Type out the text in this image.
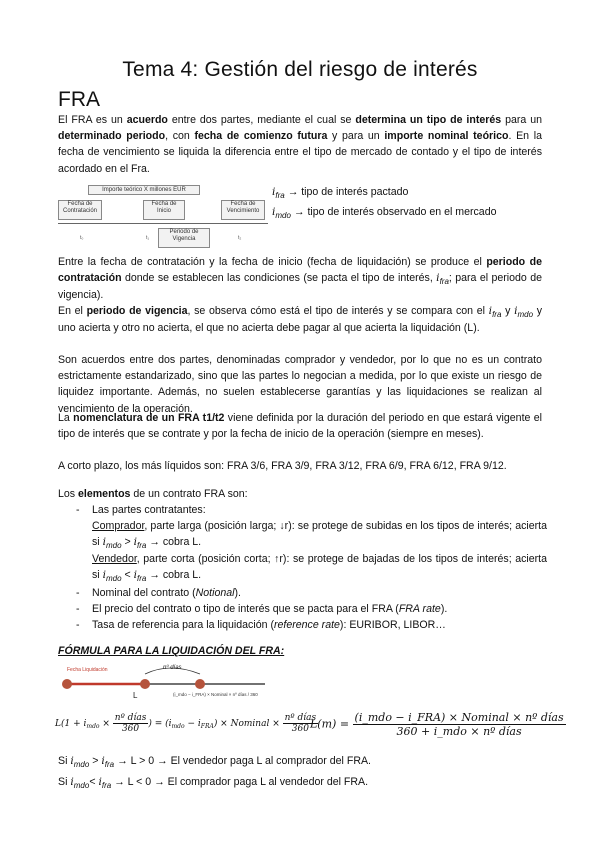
Tema 4: Gestión del riesgo de interés
FRA
El FRA es un acuerdo entre dos partes, mediante el cual se determina un tipo de interés para un determinado periodo, con fecha de comienzo futura y para un importe nominal teórico. En la fecha de vencimiento se liquida la diferencia entre el tipo de mercado de contado y el tipo de interés acordado en el Fra.
Importe teórico X millones EUR
Fecha de Contratación
Fecha de Inicio
Fecha de Vencimiento
t₀	t₁	t₂
Periodo de Vigencia
$i_{fra}$ → tipo de interés pactado
$i_{mdo}$ → tipo de interés observado en el mercado
Entre la fecha de contratación y la fecha de inicio (fecha de liquidación) se produce el periodo de contratación donde se establecen las condiciones (se pacta el tipo de interés, $i_{fra}$; para el periodo de vigencia).
En el periodo de vigencia, se observa cómo está el tipo de interés y se compara con el $i_{fra}$ y $i_{mdo}$ y uno acierta y otro no acierta, el que no acierta debe pagar al que acierta la liquidación (L).
Son acuerdos entre dos partes, denominadas comprador y vendedor, por lo que no es un contrato estrictamente estandarizado, sino que las partes lo negocian a medida, por lo que existe un riesgo de liquidez importante. Además, no suelen establecerse garantías y las liquidaciones se realizan al vencimiento de la operación.
La nomenclatura de un FRA t1/t2 viene definida por la duración del periodo en que estará vigente el tipo de interés que se contrate y por la fecha de inicio de la operación (siempre en meses).
A corto plazo, los más líquidos son: FRA 3/6, FRA 3/9, FRA 3/12, FRA 6/9, FRA 6/12, FRA 9/12.
Los elementos de un contrato FRA son:
- Las partes contratantes:
Comprador, parte larga (posición larga; ↓r): se protege de subidas en los tipos de interés; acierta si $i_{mdo} > i_{fra}$ → cobra L.
Vendedor, parte corta (posición corta; ↑r): se protege de bajadas de los tipos de interés; acierta si $i_{mdo} < i_{fra}$ → cobra L.
- Nominal del contrato (Notional).
- El precio del contrato o tipo de interés que se pacta para el FRA (FRA rate).
- Tasa de referencia para la liquidación (reference rate): EURIBOR, LIBOR…
FÓRMULA PARA LA LIQUIDACIÓN DEL FRA:
Fecha Liquidación	nº días
L	(i_mdo − i_FRA) × Nominal × nº días / 360
$L(1 + i_{mdo} \times \frac{\text{nº días}}{360}$ ) = $(i_{mdo} - i_{FRA})$ × Nominal × $\frac{\text{nº días}}{360}$
$L(m) = \frac{\text{(i\_mdo − i\_FRA) × Nominal × nº días}}{\text{360 + i\_mdo × nº días}}$
Si $i_{mdo} > i_{fra} \to L > 0 \to El$ vendedor paga L al comprador del FRA.
Si $i_{mdo}< i_{fra} \to L < 0 \to El$ comprador paga L al vendedor del FRA.
